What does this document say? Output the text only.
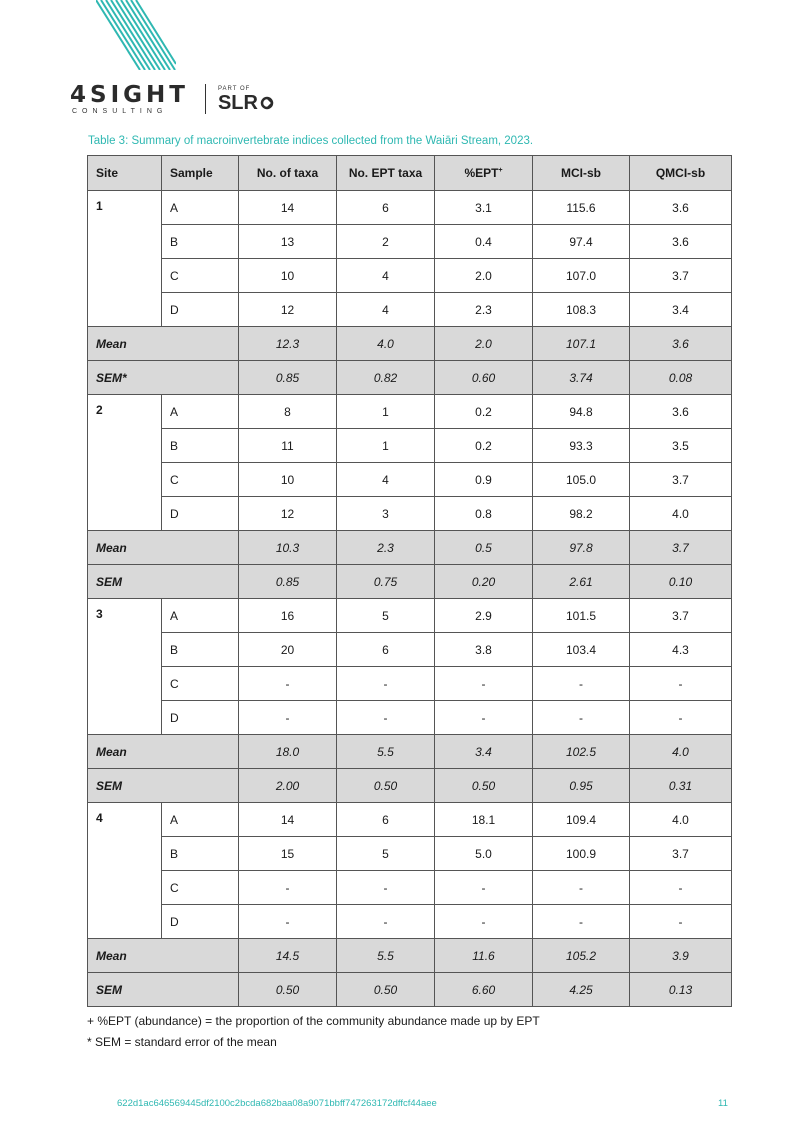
4SIGHT
CONSULTING
PART OF
SLR
Table 3: Summary of macroinvertebrate indices collected from the Waiāri Stream, 2023.
Site	Sample	No. of taxa	No. EPT taxa	%EPT+	MCI-sb	QMCI-sb
1	A	14	6	3.1	115.6	3.6
	B	13	2	0.4	97.4	3.6
	C	10	4	2.0	107.0	3.7
	D	12	4	2.3	108.3	3.4
Mean		12.3	4.0	2.0	107.1	3.6
SEM*		0.85	0.82	0.60	3.74	0.08
2	A	8	1	0.2	94.8	3.6
	B	11	1	0.2	93.3	3.5
	C	10	4	0.9	105.0	3.7
	D	12	3	0.8	98.2	4.0
Mean		10.3	2.3	0.5	97.8	3.7
SEM		0.85	0.75	0.20	2.61	0.10
3	A	16	5	2.9	101.5	3.7
	B	20	6	3.8	103.4	4.3
	C	-	-	-	-	-
	D	-	-	-	-	-
Mean		18.0	5.5	3.4	102.5	4.0
SEM		2.00	0.50	0.50	0.95	0.31
4	A	14	6	18.1	109.4	4.0
	B	15	5	5.0	100.9	3.7
	C	-	-	-	-	-
	D	-	-	-	-	-
Mean		14.5	5.5	11.6	105.2	3.9
SEM		0.50	0.50	6.60	4.25	0.13
+ %EPT (abundance) = the proportion of the community abundance made up by EPT
* SEM = standard error of the mean
622d1ac646569445df2100c2bcda682baa08a9071bbff747263172dffcf44aee	11
